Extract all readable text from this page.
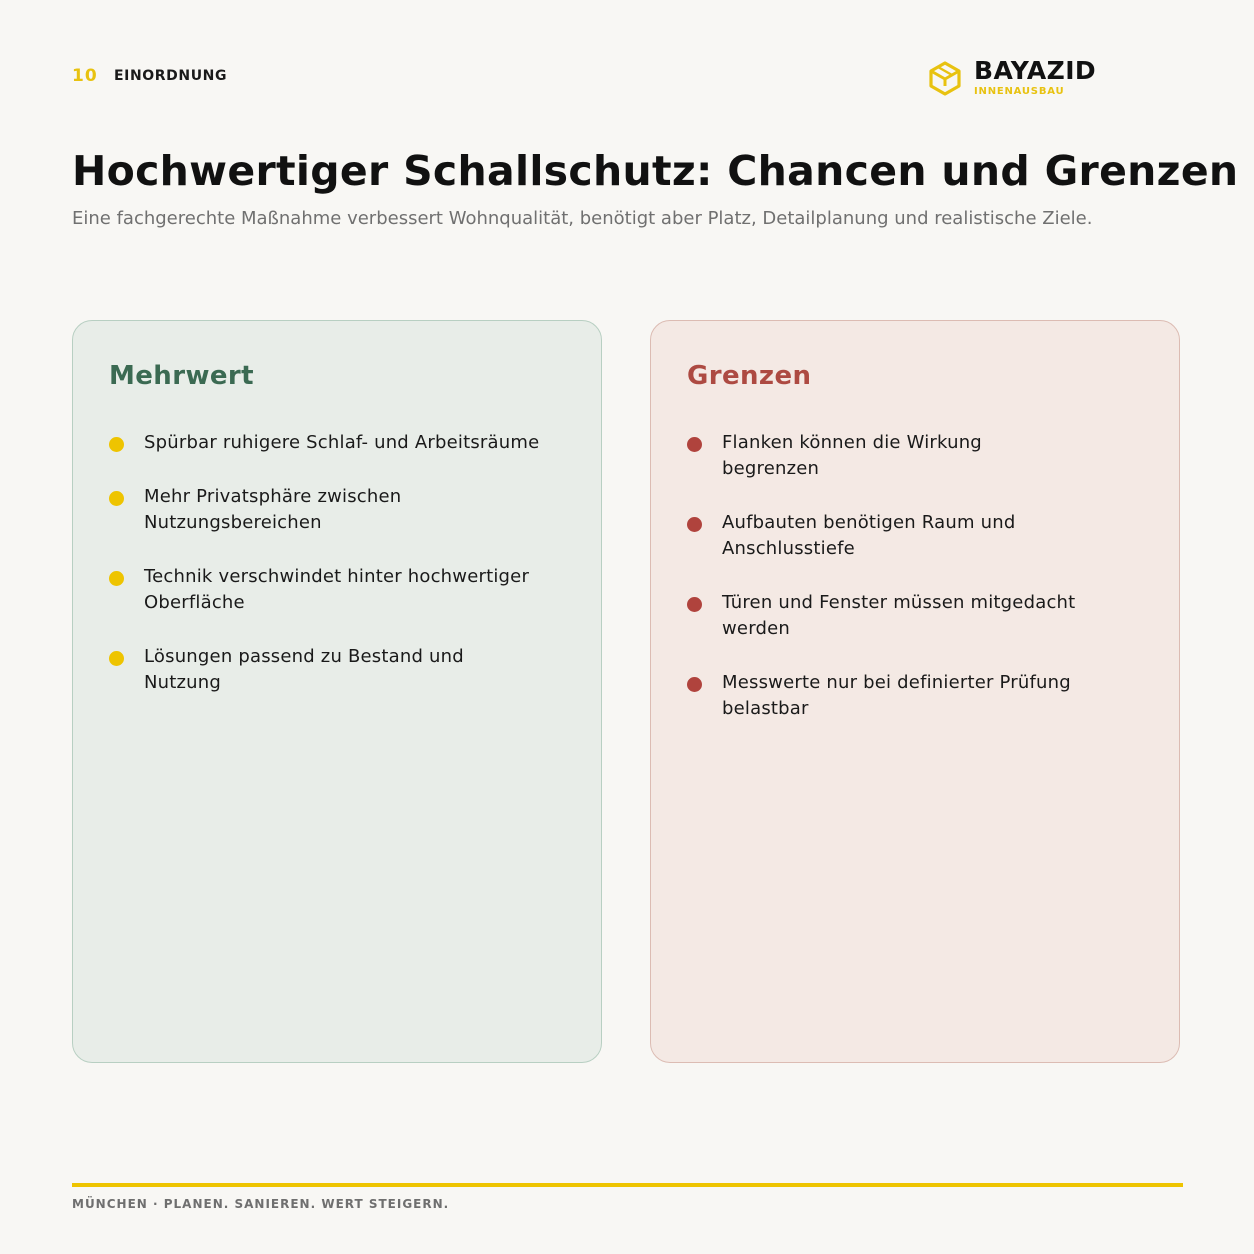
10 EINORDNUNG	BAYAZID
INNENAUSBAU
Hochwertiger Schallschutz: Chancen und Grenzen

Eine fachgerechte Maßnahme verbessert Wohnqualität, benötigt aber Platz, Detailplanung und realistische Ziele.

Mehrwert
Spürbar ruhigere Schlaf- und Arbeitsräume
Mehr Privatsphäre zwischen Nutzungsbereichen
Technik verschwindet hinter hochwertiger Oberfläche
Lösungen passend zu Bestand und Nutzung
Grenzen
Flanken können die Wirkung begrenzen
Aufbauten benötigen Raum und Anschlusstiefe
Türen und Fenster müssen mitgedacht werden
Messwerte nur bei definierter Prüfung belastbar
MÜNCHEN · PLANEN. SANIEREN. WERT STEIGERN.
